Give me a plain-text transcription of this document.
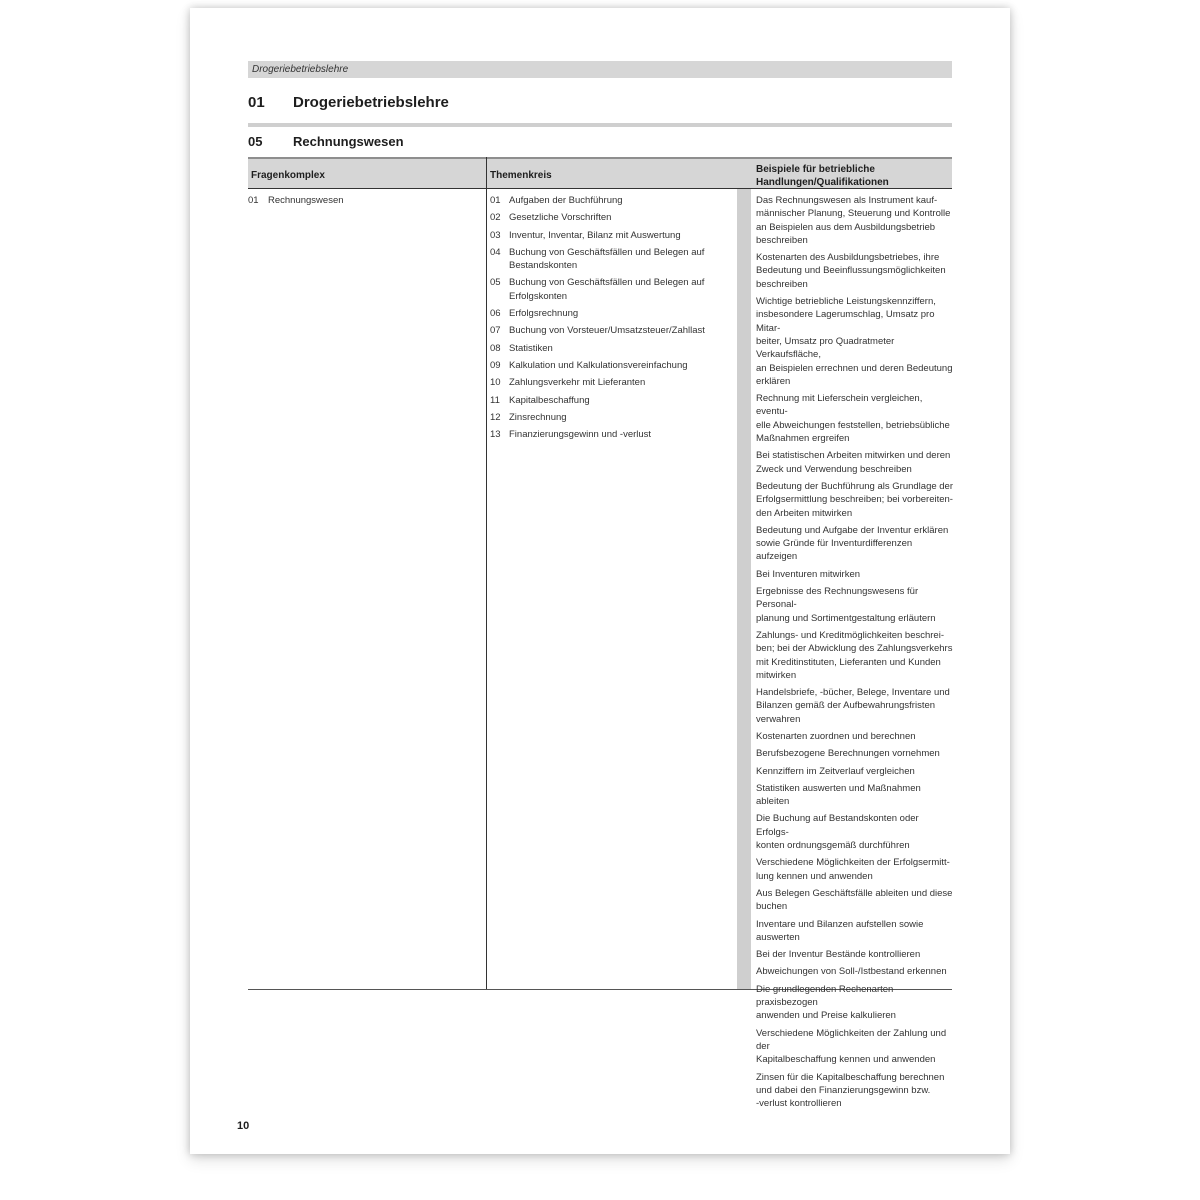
Drogeriebetriebslehre
01 Drogeriebetriebslehre
05 Rechnungswesen
Fragenkomplex	Themenkreis
Beispiele für betriebliche
Handlungen/Qualifikationen
01 Rechnungswesen	01 Aufgaben der Buchführung
02 Gesetzliche Vorschriften
03 Inventur, Inventar, Bilanz mit Auswertung
04 Buchung von Geschäftsfällen und Belegen auf Bestandskonten
05 Buchung von Geschäftsfällen und Belegen auf Erfolgskonten
06 Erfolgsrechnung
07 Buchung von Vorsteuer/Umsatzsteuer/Zahllast
08 Statistiken
09 Kalkulation und Kalkulationsvereinfachung
10 Zahlungsverkehr mit Lieferanten
11 Kapitalbeschaffung
12 Zinsrechnung
13 Finanzierungsgewinn und -verlust
Das Rechnungswesen als Instrument kauf-
männischer Planung, Steuerung und Kontrolle
an Beispielen aus dem Ausbildungsbetrieb
beschreiben
Kostenarten des Ausbildungsbetriebes, ihre
Bedeutung und Beeinflussungsmöglichkeiten
beschreiben
Wichtige betriebliche Leistungskennziffern,
insbesondere Lagerumschlag, Umsatz pro Mitar-
beiter, Umsatz pro Quadratmeter Verkaufsfläche,
an Beispielen errechnen und deren Bedeutung
erklären
Rechnung mit Lieferschein vergleichen, eventu-
elle Abweichungen feststellen, betriebsübliche
Maßnahmen ergreifen
Bei statistischen Arbeiten mitwirken und deren
Zweck und Verwendung beschreiben
Bedeutung der Buchführung als Grundlage der
Erfolgsermittlung beschreiben; bei vorbereiten-
den Arbeiten mitwirken
Bedeutung und Aufgabe der Inventur erklären
sowie Gründe für Inventurdifferenzen aufzeigen
Bei Inventuren mitwirken
Ergebnisse des Rechnungswesens für Personal-
planung und Sortimentgestaltung erläutern
Zahlungs- und Kreditmöglichkeiten beschrei-
ben; bei der Abwicklung des Zahlungsverkehrs
mit Kreditinstituten, Lieferanten und Kunden
mitwirken
Handelsbriefe, -bücher, Belege, Inventare und
Bilanzen gemäß der Aufbewahrungsfristen
verwahren
Kostenarten zuordnen und berechnen
Berufsbezogene Berechnungen vornehmen
Kennziffern im Zeitverlauf vergleichen
Statistiken auswerten und Maßnahmen ableiten
Die Buchung auf Bestandskonten oder Erfolgs-
konten ordnungsgemäß durchführen
Verschiedene Möglichkeiten der Erfolgsermitt-
lung kennen und anwenden
Aus Belegen Geschäftsfälle ableiten und diese
buchen
Inventare und Bilanzen aufstellen sowie
auswerten
Bei der Inventur Bestände kontrollieren
Abweichungen von Soll-/Istbestand erkennen
Die grundlegenden Rechenarten praxisbezogen
anwenden und Preise kalkulieren
Verschiedene Möglichkeiten der Zahlung und der
Kapitalbeschaffung kennen und anwenden
Zinsen für die Kapitalbeschaffung berechnen
und dabei den Finanzierungsgewinn bzw.
-verlust kontrollieren
10
